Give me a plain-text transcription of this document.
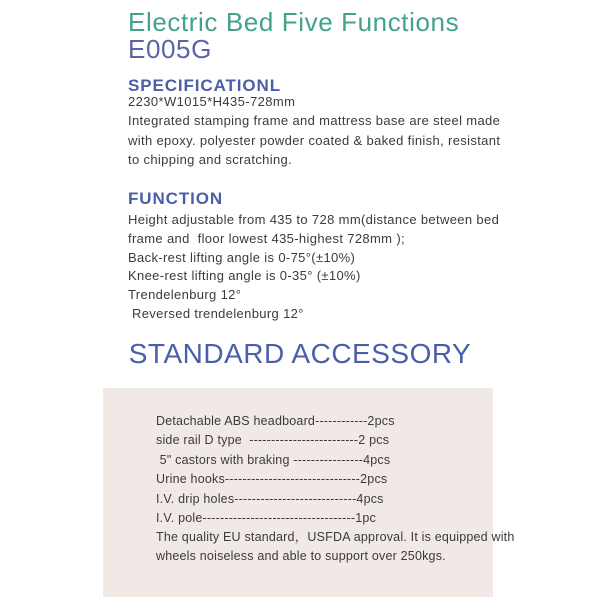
Electric Bed Five Functions
E005G
SPECIFICATIONL
2230*W1015*H435-728mm
Integrated stamping frame and mattress base are steel made
with epoxy. polyester powder coated & baked finish, resistant
to chipping and scratching.
FUNCTION
Height adjustable from 435 to 728 mm(distance between bed
frame and  floor lowest 435-highest 728mm );
Back-rest lifting angle is 0-75°(±10%)
Knee-rest lifting angle is 0-35° (±10%)
Trendelenburg 12°
Reversed trendelenburg 12°
STANDARD ACCESSORY
Detachable ABS headboard------------2pcs
side rail D type  -------------------------2 pcs
5" castors with braking ----------------4pcs
Urine hooks-------------------------------2pcs
I.V. drip holes----------------------------4pcs
I.V. pole-----------------------------------1pc
The quality EU standard，USFDA approval. It is equipped with
wheels noiseless and able to support over 250kgs.
